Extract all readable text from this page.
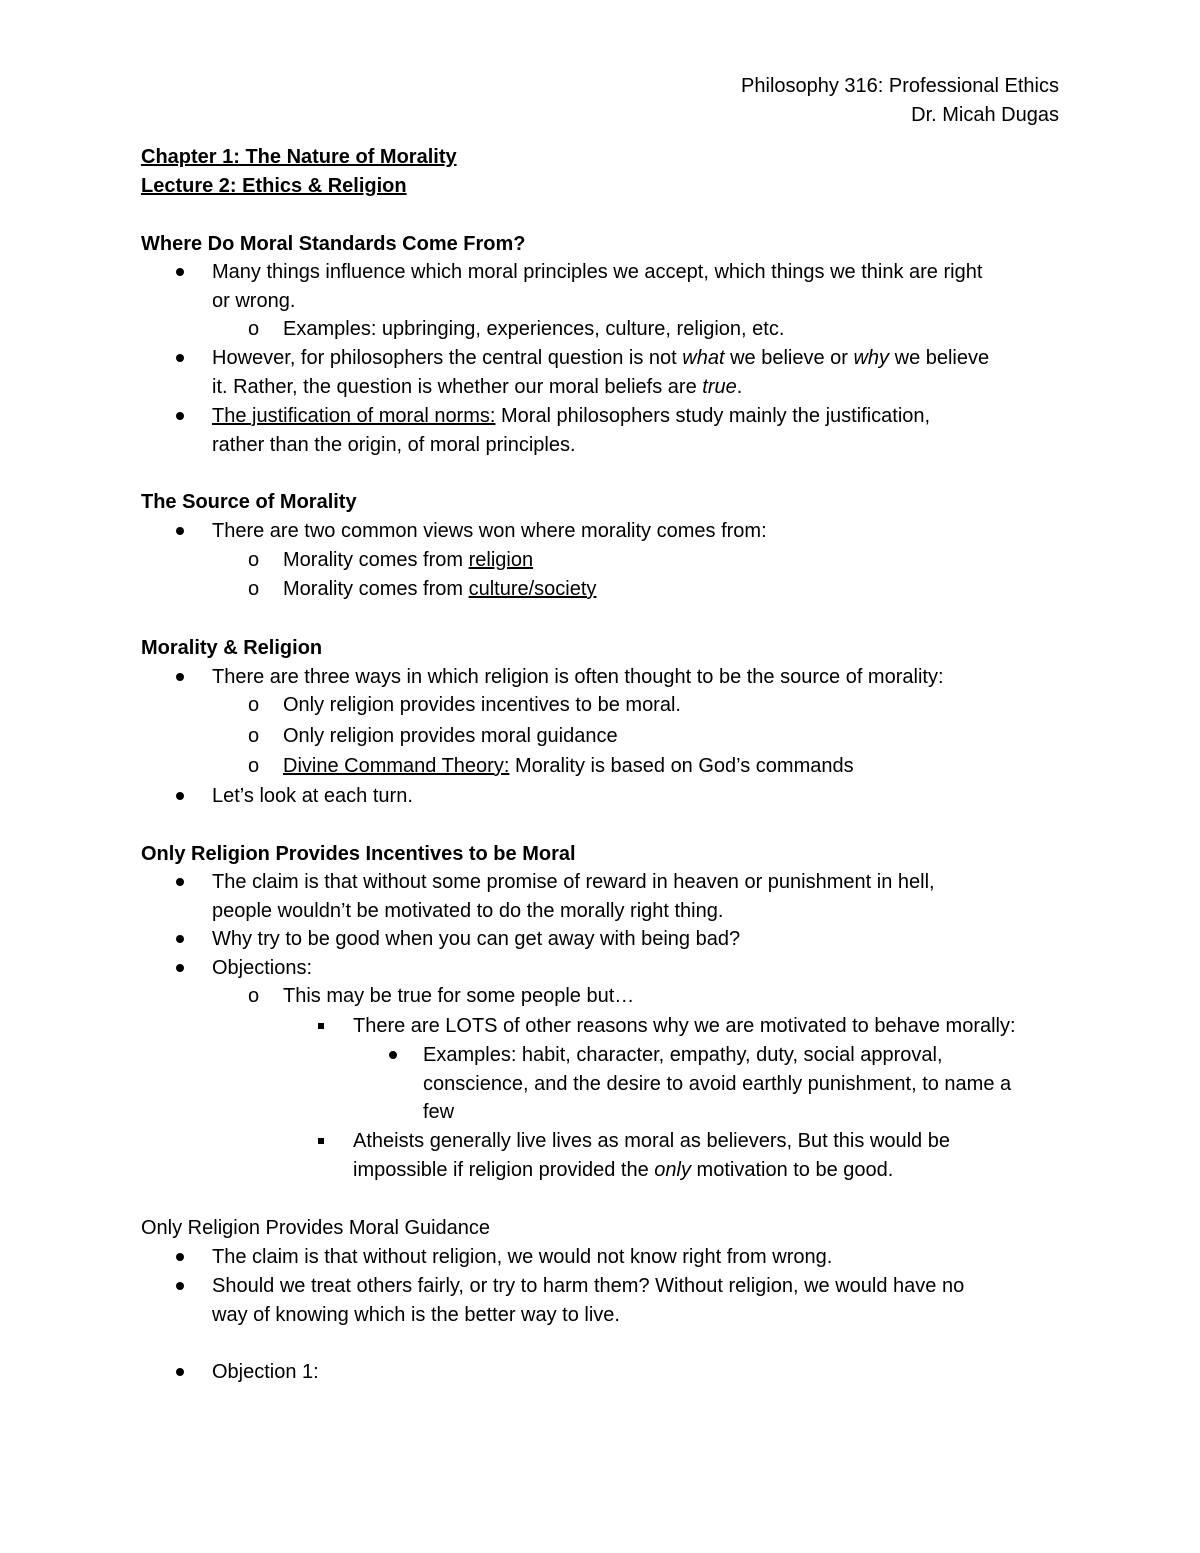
Philosophy 316: Professional Ethics
Dr. Micah Dugas
Chapter 1: The Nature of Morality
Lecture 2: Ethics & Religion
Where Do Moral Standards Come From?
Many things influence which moral principles we accept, which things we think are right
or wrong.
o Examples: upbringing, experiences, culture, religion, etc.
However, for philosophers the central question is not what we believe or why we believe
it. Rather, the question is whether our moral beliefs are true.
The justification of moral norms: Moral philosophers study mainly the justification,
rather than the origin, of moral principles.
The Source of Morality
There are two common views won where morality comes from:
o Morality comes from religion
o Morality comes from culture/society
Morality & Religion
There are three ways in which religion is often thought to be the source of morality:
o Only religion provides incentives to be moral.
o Only religion provides moral guidance
o Divine Command Theory: Morality is based on God’s commands
Let’s look at each turn.
Only Religion Provides Incentives to be Moral
The claim is that without some promise of reward in heaven or punishment in hell,
people wouldn’t be motivated to do the morally right thing.
Why try to be good when you can get away with being bad?
Objections:
o This may be true for some people but…
There are LOTS of other reasons why we are motivated to behave morally:
Examples: habit, character, empathy, duty, social approval,
conscience, and the desire to avoid earthly punishment, to name a
few
Atheists generally live lives as moral as believers, But this would be
impossible if religion provided the only motivation to be good.
Only Religion Provides Moral Guidance
The claim is that without religion, we would not know right from wrong.
Should we treat others fairly, or try to harm them? Without religion, we would have no
way of knowing which is the better way to live.
Objection 1:
